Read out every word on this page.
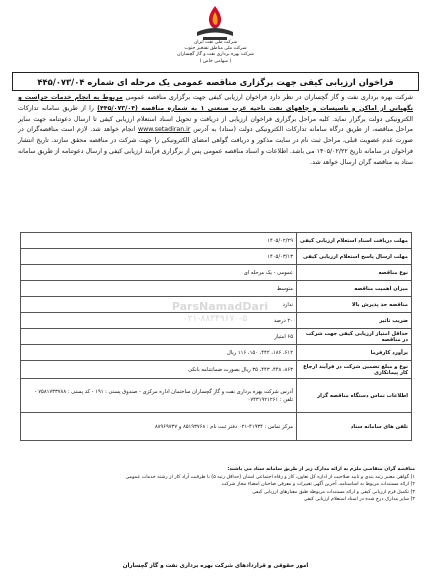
شرکت ملی نفت ایران
شرکت ملی مناطق نفتخیز جنوب
شرکت بهره برداری نفت و گاز گچساران
( سهامی خاص )
فراخوان ارزیابی کیفی جهت برگزاری مناقصه عمومی یک مرحله ای شماره ۴۴۵/۰۷۳/۰۴
شرکت بهره برداری نفت و گاز گچساران در نظر دارد فراخوان ارزیابی کیفی جهت برگزاری مناقصه عمومی مربوط به انجام خدمات حراست و نگهبانی از اماکن و تاسیسات و چاههای نفت ناحیه غرب صنعتی ۱ به شماره مناقصه (۴۴۵/۰۷۳/۰۴) را از طریق سامانه تدارکات الکترونیکی دولت برگزار نماید. کلیه مراحل برگزاری فراخوان ارزیابی از دریافت و تحویل اسناد استعلام ارزیابی کیفی تا ارسال دعوتنامه جهت سایر مراحل مناقصه، از طریق درگاه سامانه تدارکات الکترونیکی دولت (ستاد) به آدرس www.setadiran.ir انجام خواهد شد. لازم است مناقصه‌گران در صورت عدم عضویت قبلی، مراحل ثبت نام در سایت مذکور و دریافت گواهی امضای الکترونیکی را جهت شرکت در مناقصه محقق سازند. تاریخ انتشار فراخوان در سامانه تاریخ ۱۴۰۵/۰۲/۲۲ می باشد. اطلاعات و اسناد مناقصه عمومی پس از برگزاری فرآیند ارزیابی کیفی و ارسال دعوتنامه از طریق سامانه ستاد به مناقصه گران ارسال خواهد شد.
ParsNamadDari
۰۲۱-۸۸۳۴۹۶۷۰-۵
مهلت دریافت اسناد استعلام ارزیابی کیفی	۱۴۰۵/۰۲/۲۹
مهلت ارسال پاسخ استعلام ارزیابی کیفی	۱۴۰۵/۰۳/۱۳
نوع مناقصه	عمومی - یک مرحله ای
میزان اهمیت مناقصه	متوسط
مناقصه حد پذیرش بالا	ندارد
ضریب تاثیر	۲۰ درصد
حداقل امتیاز ارزیابی کیفی جهت شرکت در مناقصه	۶۵ امتیاز
برآورد کارفرما	۶۱۲، ۱۸۶، ۴۴۲، ۱۵۰، ۱۱۶ ریال
نوع و مبلغ تضمین شرکت در فرآیند ارجاع کار پیمانکاری	۸۶۳، ۴۴۸، ۴۴۳، ۳۵ ریال بصورت ضمانتنامه بانکی
اطلاعات تماس دستگاه مناقصه گزار	آدرس شرکت بهره برداری نفت و گاز گچساران ساختمان اداره مرکزی - صندوق پستی : ۱۹۱ - کد پستی : ۷۵۸۱۷۳۳۷۸۸ - تلفن : ۰۷۴۳۱۹۲۱۲۶۱
تلفن های سامانه ستاد	مرکز تماس : ۴۱۹۳۴-۰۲۱ دفتر ثبت نام : ۸۵۱۹۳۷۶۸ و ۸۸۹۶۹۷۳۷
مناقصه گران متقاضی ملزم به ارائه مدارک زیر از طریق سامانه ستاد می باشند:
۱) گواهی معتبر رتبه بندی و تایید صلاحیت از اداره کل تعاون، کار و رفاه اجتماعی استان (حداقل رتبه ۵) با ظرفیت آزاد کار از رشته خدمات عمومی
۲) ارائه مستندات مربوط به اساسنامه، آخرین آگهی تغییرات و معرفی صاحبان امضاء مجاز شرکت
۳) تکمیل فرم ارزیابی کیفی و ارائه مستندات مربوطه طبق معیارهای ارزیابی کیفی
۴) سایر مدارک درج شده در اسناد استعلام ارزیابی کیفی
امور حقوقی و قراردادهای شرکت بهره برداری نفت و گاز گچساران
